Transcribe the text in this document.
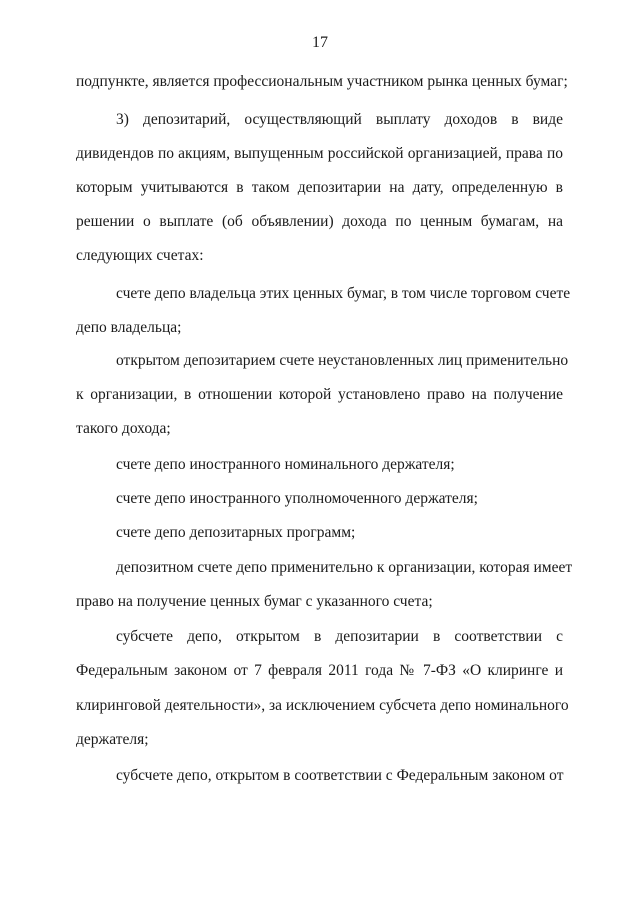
17
подпункте, является профессиональным участником рынка ценных бумаг;
3) депозитарий, осуществляющий выплату доходов в виде
дивидендов по акциям, выпущенным российской организацией, права по
которым учитываются в таком депозитарии на дату, определенную в
решении о выплате (об объявлении) дохода по ценным бумагам, на
следующих счетах:
счете депо владельца этих ценных бумаг, в том числе торговом счете
депо владельца;
открытом депозитарием счете неустановленных лиц применительно
к организации, в отношении которой установлено право на получение
такого дохода;
счете депо иностранного номинального держателя;
счете депо иностранного уполномоченного держателя;
счете депо депозитарных программ;
депозитном счете депо применительно к организации, которая имеет
право на получение ценных бумаг с указанного счета;
субсчете депо, открытом в депозитарии в соответствии с
Федеральным законом от 7 февраля 2011 года № 7-ФЗ «О клиринге и
клиринговой деятельности», за исключением субсчета депо номинального
держателя;
субсчете депо, открытом в соответствии с Федеральным законом от
